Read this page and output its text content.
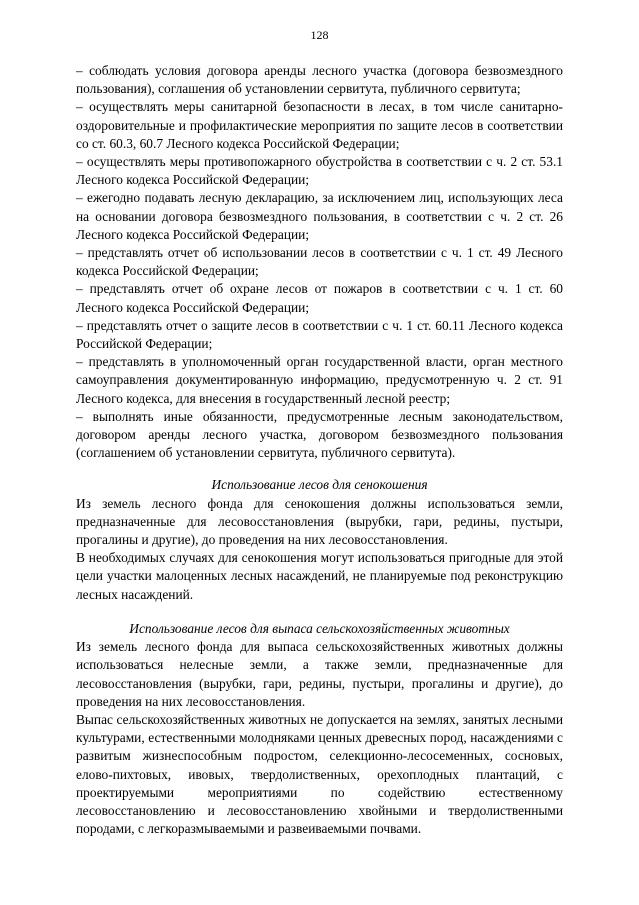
128

– соблюдать условия договора аренды лесного участка (договора безвозмездного пользования), соглашения об установлении сервитута, публичного сервитута;

– осуществлять меры санитарной безопасности в лесах, в том числе санитарно-оздоровительные и профилактические мероприятия по защите лесов в соответствии со ст. 60.3, 60.7 Лесного кодекса Российской Федерации;

– осуществлять меры противопожарного обустройства в соответствии с ч. 2 ст. 53.1 Лесного кодекса Российской Федерации;

– ежегодно подавать лесную декларацию, за исключением лиц, использующих леса на основании договора безвозмездного пользования, в соответствии с ч. 2 ст. 26 Лесного кодекса Российской Федерации;

– представлять отчет об использовании лесов в соответствии с ч. 1 ст. 49 Лесного кодекса Российской Федерации;

– представлять отчет об охране лесов от пожаров в соответствии с ч. 1 ст. 60 Лесного кодекса Российской Федерации;

– представлять отчет о защите лесов в соответствии с ч. 1 ст. 60.11 Лесного кодекса Российской Федерации;

– представлять в уполномоченный орган государственной власти, орган местного самоуправления документированную информацию, предусмотренную ч. 2 ст. 91 Лесного кодекса, для внесения в государственный лесной реестр;

– выполнять иные обязанности, предусмотренные лесным законодательством, договором аренды лесного участка, договором безвозмездного пользования (соглашением об установлении сервитута, публичного сервитута).

Использование лесов для сенокошения

Из земель лесного фонда для сенокошения должны использоваться земли, предназначенные для лесовосстановления (вырубки, гари, редины, пустыри, прогалины и другие), до проведения на них лесовосстановления.

В необходимых случаях для сенокошения могут использоваться пригодные для этой цели участки малоценных лесных насаждений, не планируемые под реконструкцию лесных насаждений.

Использование лесов для выпаса сельскохозяйственных животных

Из земель лесного фонда для выпаса сельскохозяйственных животных должны использоваться нелесные земли, а также земли, предназначенные для лесовосстановления (вырубки, гари, редины, пустыри, прогалины и другие), до проведения на них лесовосстановления.

Выпас сельскохозяйственных животных не допускается на землях, занятых лесными культурами, естественными молодняками ценных древесных пород, насаждениями с развитым жизнеспособным подростом, селекционно-лесосеменных, сосновых, елово-пихтовых, ивовых, твердолиственных, орехоплодных плантаций, с проектируемыми мероприятиями по содействию естественному лесовосстановлению и лесовосстановлению хвойными и твердолиственными породами, с легкоразмываемыми и развеиваемыми почвами.
